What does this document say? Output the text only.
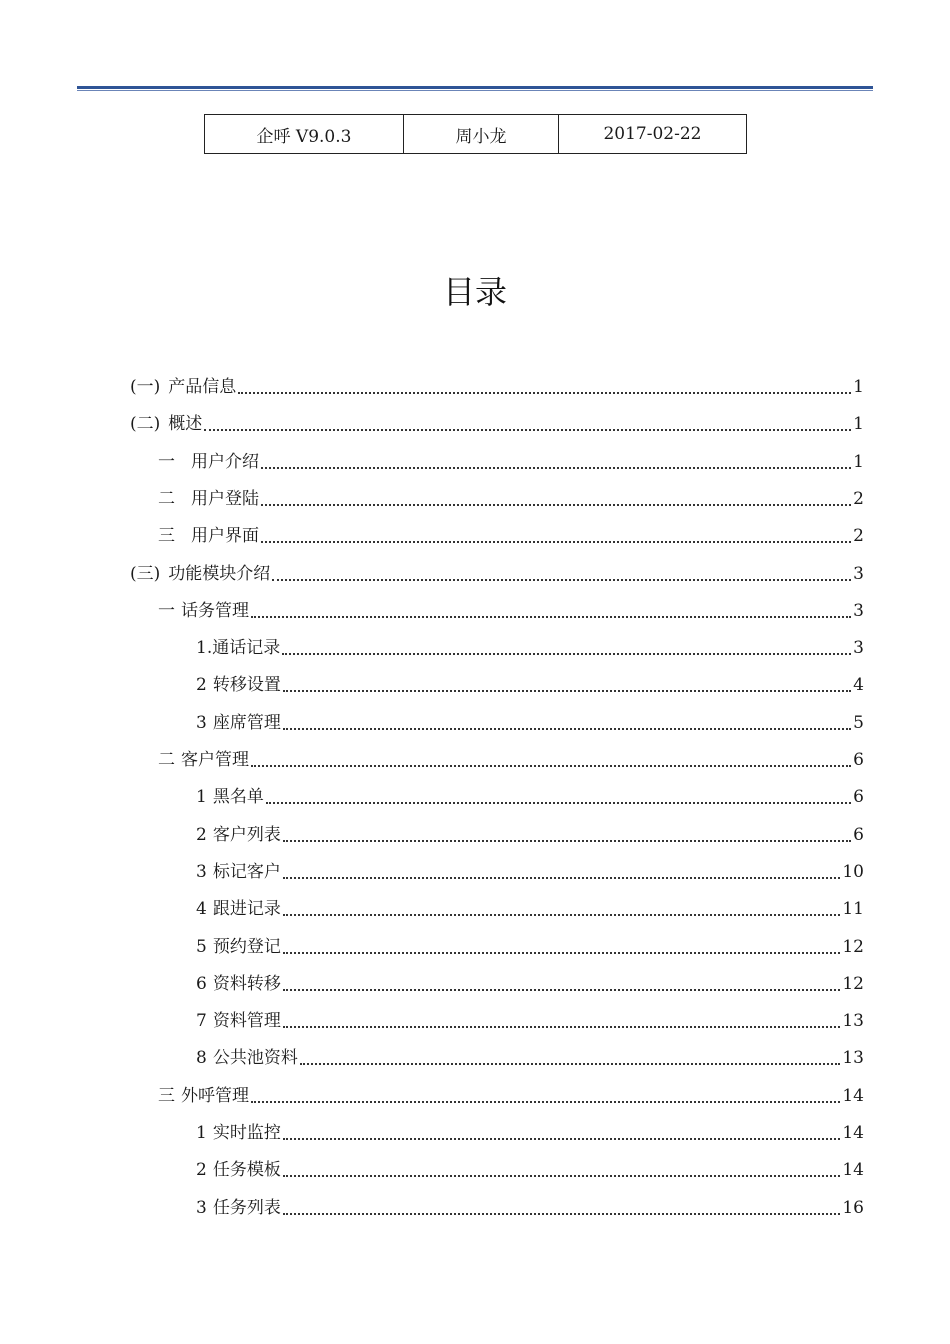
企呼 V9.0.3	周小龙	2017-02-22
目录
(一) 产品信息	1
(二) 概述	1
一 用户介绍	1
二 用户登陆	2
三 用户界面	2
(三) 功能模块介绍	3
一 话务管理	3
1. 通话记录	3
2 转移设置	4
3 座席管理	5
二 客户管理	6
1 黑名单	6
2 客户列表	6
3 标记客户	10
4 跟进记录	11
5 预约登记	12
6 资料转移	12
7 资料管理	13
8 公共池资料	13
三 外呼管理	14
1 实时监控	14
2 任务模板	14
3 任务列表	16
